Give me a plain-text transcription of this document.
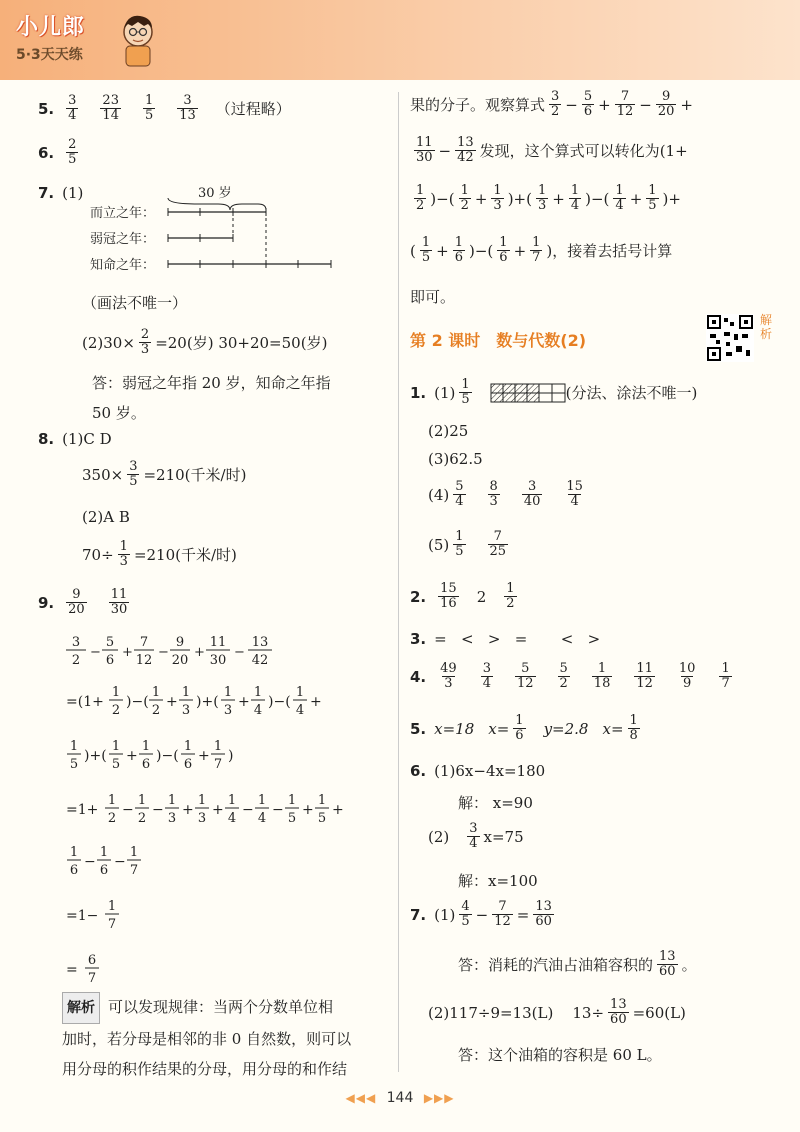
小儿郎
5·3天天练
5. $\frac{3}{4} \frac{23}{14} \frac{1}{5} \frac{3}{13}$ （过程略）
6. $\frac{2}{5}$
7. (1)	30 岁
而立之年：
弱冠之年：
知命之年：
（画法不唯一）
$(2)30\times \frac{2}{3} =20$(岁) 30+20=50(岁)
答：弱冠之年指 20 岁，知命之年指
50 岁。
8. (1)C D
$350\times \frac{3}{5} =210$(千米/时)
(2)A B
$70\div \frac{1}{3} =210$(千米/时)
9. $\frac{9}{20} \frac{11}{30}$
3
2
−
5
6
+
7
12
−
9
20
+
11
30
−
13
42
=(1+
1
2
)−(
1
2
+
1
3
)+(
1
3
+
1
4
)−(
1
4
+
1
5
)+(
1
5
+
1
6
)−(
1
6
+
1
7
)
=1+
1
2
−
1
2
−
1
3
+
1
3
+
1
4
−
1
4
−
1
5
+
1
5
+
1
6
−
1
6
−
1
7
=1−
1
7
=
6
7
解析 可以发现规律：当两个分数单位相
加时，若分母是相邻的非 0 自然数，则可以
用分母的积作结果的分母，用分母的和作结
果的分子。观察算式 $\frac{3}{2} - \frac{5}{6} + \frac{7}{12} - \frac{9}{20}$ +
$\frac{11}{30} - \frac{13}{42}$ 发现，这个算式可以转化为 (1+
$\frac{1}{2}$ )−( $\frac{1}{2} + \frac{1}{3}$ )+( $\frac{1}{3} + \frac{1}{4}$ )−( $\frac{1}{4} + \frac{1}{5}$ )+
( $\frac{1}{5} + \frac{1}{6}$ )−( $\frac{1}{6} + \frac{1}{7}$ ) ，接着去括号计算
即可。
第 2 课时　数与代数(2)
解析
1. $(1) \frac{1}{5}$	(分法、涂法不唯一)
(2)25
(3)62.5
$(4) \frac{5}{4} \frac{8}{3} \frac{3}{40} \frac{15}{4}$
$(5) \frac{1}{5} \frac{7}{25}$
2. $\frac{15}{16} 2 \frac{1}{2}$
3. =   <   >   =       <   >
4. $\frac{49}{3} \frac{3}{4} \frac{5}{12} \frac{5}{2} \frac{1}{18} \frac{11}{12} \frac{10}{9} \frac{1}{7}$
5. x=18 $x= \frac{1}{6} y=2.8$ $x= \frac{1}{8}$
6. (1)6x−4x=180
解： x=90
$(2) \frac{3}{4} x=75$
解：x=100
7. $(1) \frac{4}{5} - \frac{7}{12} = \frac{13}{60}$
答：消耗的汽油占油箱容积的 $\frac{13}{60}$ 。
(2)117÷9=13(L)    $13\div \frac{13}{60} =60(L)$
答：这个油箱的容积是 60 L。
◀◀◀ 144 ▶▶▶
